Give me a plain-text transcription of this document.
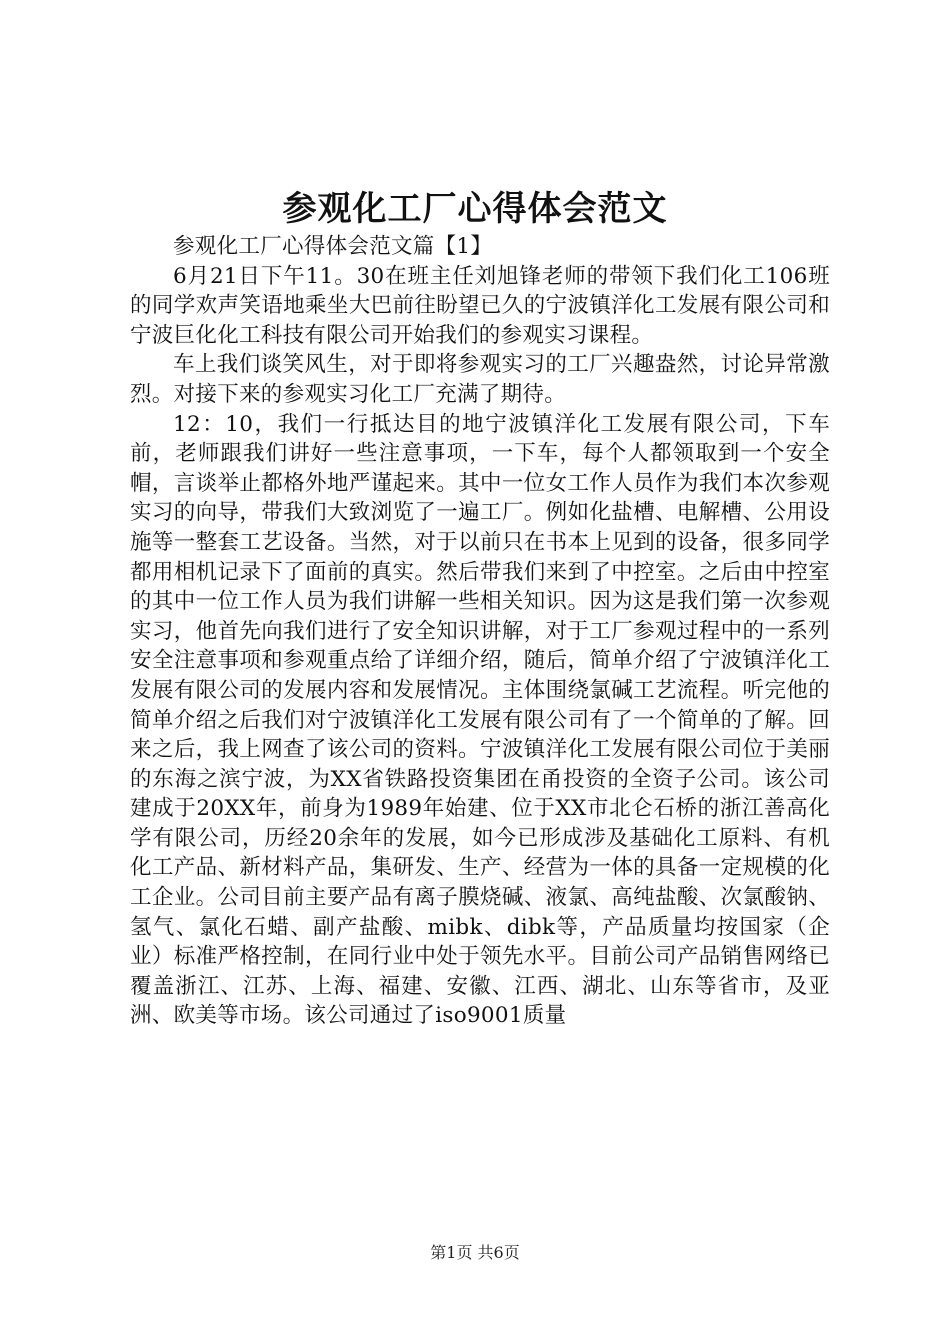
参观化工厂心得体会范文

参观化工厂心得体会范文篇【1】

6月21日下午11。30在班主任刘旭锋老师的带领下我们化工106班的同学欢声笑语地乘坐大巴前往盼望已久的宁波镇洋化工发展有限公司和宁波巨化化工科技有限公司开始我们的参观实习课程。

车上我们谈笑风生，对于即将参观实习的工厂兴趣盎然，讨论异常激烈。对接下来的参观实习化工厂充满了期待。

12：10，我们一行抵达目的地宁波镇洋化工发展有限公司，下车前，老师跟我们讲好一些注意事项，一下车，每个人都领取到一个安全帽，言谈举止都格外地严谨起来。其中一位女工作人员作为我们本次参观实习的向导，带我们大致浏览了一遍工厂。例如化盐槽、电解槽、公用设施等一整套工艺设备。当然，对于以前只在书本上见到的设备，很多同学都用相机记录下了面前的真实。然后带我们来到了中控室。之后由中控室的其中一位工作人员为我们讲解一些相关知识。因为这是我们第一次参观实习，他首先向我们进行了安全知识讲解，对于工厂参观过程中的一系列安全注意事项和参观重点给了详细介绍，随后，简单介绍了宁波镇洋化工发展有限公司的发展内容和发展情况。主体围绕氯碱工艺流程。听完他的简单介绍之后我们对宁波镇洋化工发展有限公司有了一个简单的了解。回来之后，我上网查了该公司的资料。宁波镇洋化工发展有限公司位于美丽的东海之滨宁波，为XX省铁路投资集团在甬投资的全资子公司。该公司建成于20XX年，前身为1989年始建、位于XX市北仑石桥的浙江善高化学有限公司，历经20余年的发展，如今已形成涉及基础化工原料、有机化工产品、新材料产品，集研发、生产、经营为一体的具备一定规模的化工企业。公司目前主要产品有离子膜烧碱、液氯、高纯盐酸、次氯酸钠、氢气、氯化石蜡、副产盐酸、mibk、dibk等，产品质量均按国家（企业）标准严格控制，在同行业中处于领先水平。目前公司产品销售网络已覆盖浙江、江苏、上海、福建、安徽、江西、湖北、山东等省市，及亚洲、欧美等市场。该公司通过了iso9001质量

第1页 共6页
